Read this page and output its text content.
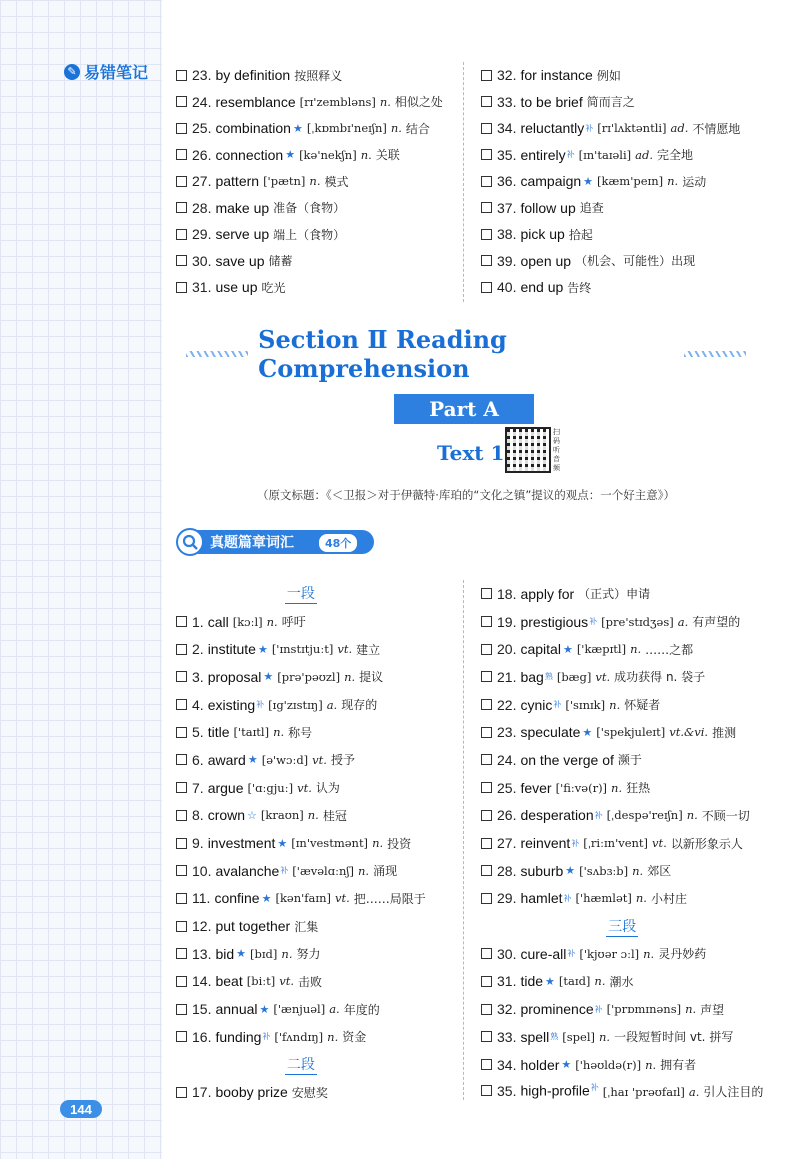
✎ 易错笔记
144
23. by definition 按照释义
24. resemblance [rɪ'zembləns] n. 相似之处
25. combination ★ [ˌkɒmbɪ'neɪʃn] n. 结合
26. connection ★ [kə'nekʃn] n. 关联
27. pattern ['pætn] n. 模式
28. make up 准备（食物）
29. serve up 端上（食物）
30. save up 储蓄
31. use up 吃光
32. for instance 例如
33. to be brief 简而言之
34. reluctantly 补 [rɪ'lʌktəntli] ad. 不情愿地
35. entirely 补 [ɪn'taɪəli] ad. 完全地
36. campaign ★ [kæm'peɪn] n. 运动
37. follow up 追查
38. pick up 拾起
39. open up （机会、可能性）出现
40. end up 告终
Section Ⅱ Reading Comprehension
Part A
Text 1
扫码听音频
（原文标题：《＜卫报＞对于伊薇特·库珀的“文化之镇”提议的观点：一个好主意》）
真题篇章词汇	48个
一段
1. call [kɔːl] n. 呼吁
2. institute ★ ['ɪnstɪtjuːt] vt. 建立
3. proposal ★ [prə'pəʊzl] n. 提议
4. existing 补 [ɪg'zɪstɪŋ] a. 现存的
5. title ['taɪtl] n. 称号
6. award ★ [ə'wɔːd] vt. 授予
7. argue ['ɑːgjuː] vt. 认为
8. crown ☆ [kraʊn] n. 桂冠
9. investment ★ [ɪn'vestmənt] n. 投资
10. avalanche 补 ['ævəlɑːnʃ] n. 涌现
11. confine ★ [kən'faɪn] vt. 把……局限于
12. put together 汇集
13. bid ★ [bɪd] n. 努力
14. beat [biːt] vt. 击败
15. annual ★ ['ænjuəl] a. 年度的
16. funding 补 ['fʌndɪŋ] n. 资金
二段
17. booby prize 安慰奖
18. apply for （正式）申请
19. prestigious 补 [pre'stɪdʒəs] a. 有声望的
20. capital ★ ['kæpɪtl] n. ……之都
21. bag 熟 [bæg] vt. 成功获得 n. 袋子
22. cynic 补 ['sɪnɪk] n. 怀疑者
23. speculate ★ ['spekjuleɪt] vt.&vi. 推测
24. on the verge of 濒于
25. fever ['fiːvə(r)] n. 狂热
26. desperation 补 [ˌdespə'reɪʃn] n. 不顾一切
27. reinvent 补 [ˌriːɪn'vent] vt. 以新形象示人
28. suburb ★ ['sʌbɜːb] n. 郊区
29. hamlet 补 ['hæmlət] n. 小村庄
三段
30. cure-all 补 ['kjʊər ɔːl] n. 灵丹妙药
31. tide ★ [taɪd] n. 潮水
32. prominence 补 ['prɒmɪnəns] n. 声望
33. spell 熟 [spel] n. 一段短暂时间 vt. 拼写
34. holder ★ ['həʊldə(r)] n. 拥有者
35. high-profile$^补$ [ˌhaɪ 'prəʊfaɪl] a. 引人注目的
